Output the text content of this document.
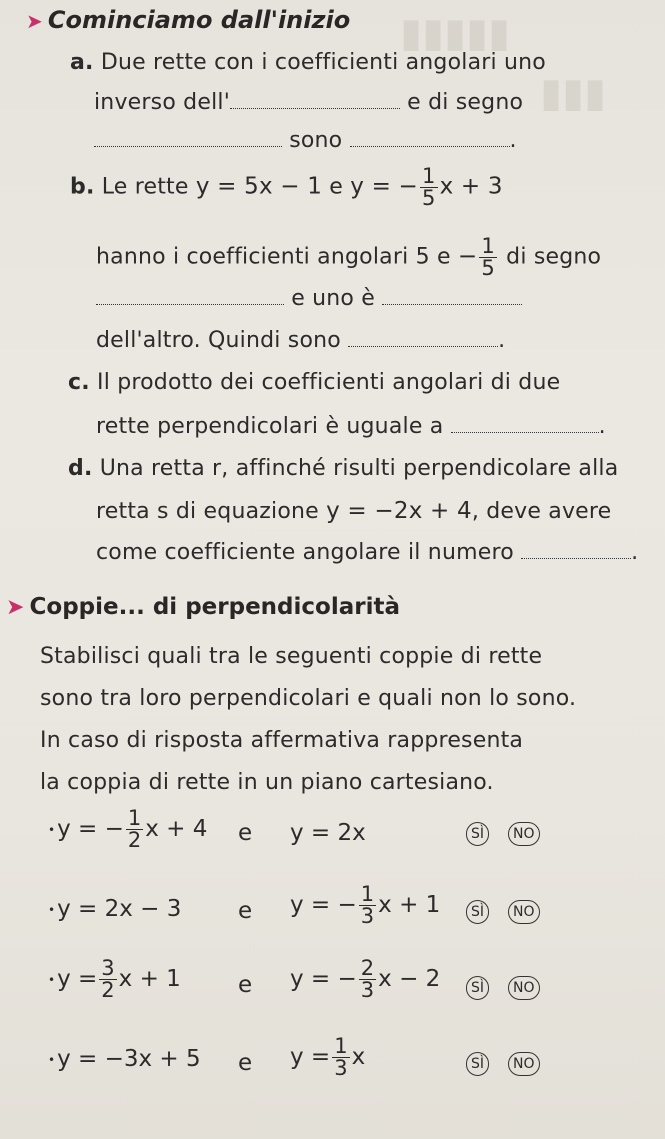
▮▮▮▮▮
▮▮▮
➤ Cominciamo dall'inizio
a. Due rette con i coefficienti angolari uno
inverso dell'	e di segno
sono	.
b. Le rette y = 5x − 1 e y = − $\frac{1}{5}$ x + 3
hanno i coefficienti angolari 5 $e - \frac{1}{5}$ di segno
e uno è
dell'altro. Quindi sono	.
c. Il prodotto dei coefficienti angolari di due
rette perpendicolari è uguale a	.
d. Una retta r, affinché risulti perpendicolare alla
retta s di equazione y = −2x + 4, deve avere
come coefficiente angolare il numero	.
➤ Coppie... di perpendicolarità
Stabilisci quali tra le seguenti coppie di rette
sono tra loro perpendicolari e quali non lo sono.
In caso di risposta affermativa rappresenta
la coppia di rette in un piano cartesiano.
•y = − $\frac{1}{2}$ x + 4 e y = 2x	SÌ	NO
•y = 2x − 3 e y = − $\frac{1}{3}$ x + 1	SÌ	NO
•y = $\frac{3}{2}$ x + 1 e y = − $\frac{2}{3}$ x − 2	SÌ	NO
•y = −3x + 5 e $y = \frac{1}{3}$ x	SÌ	NO
